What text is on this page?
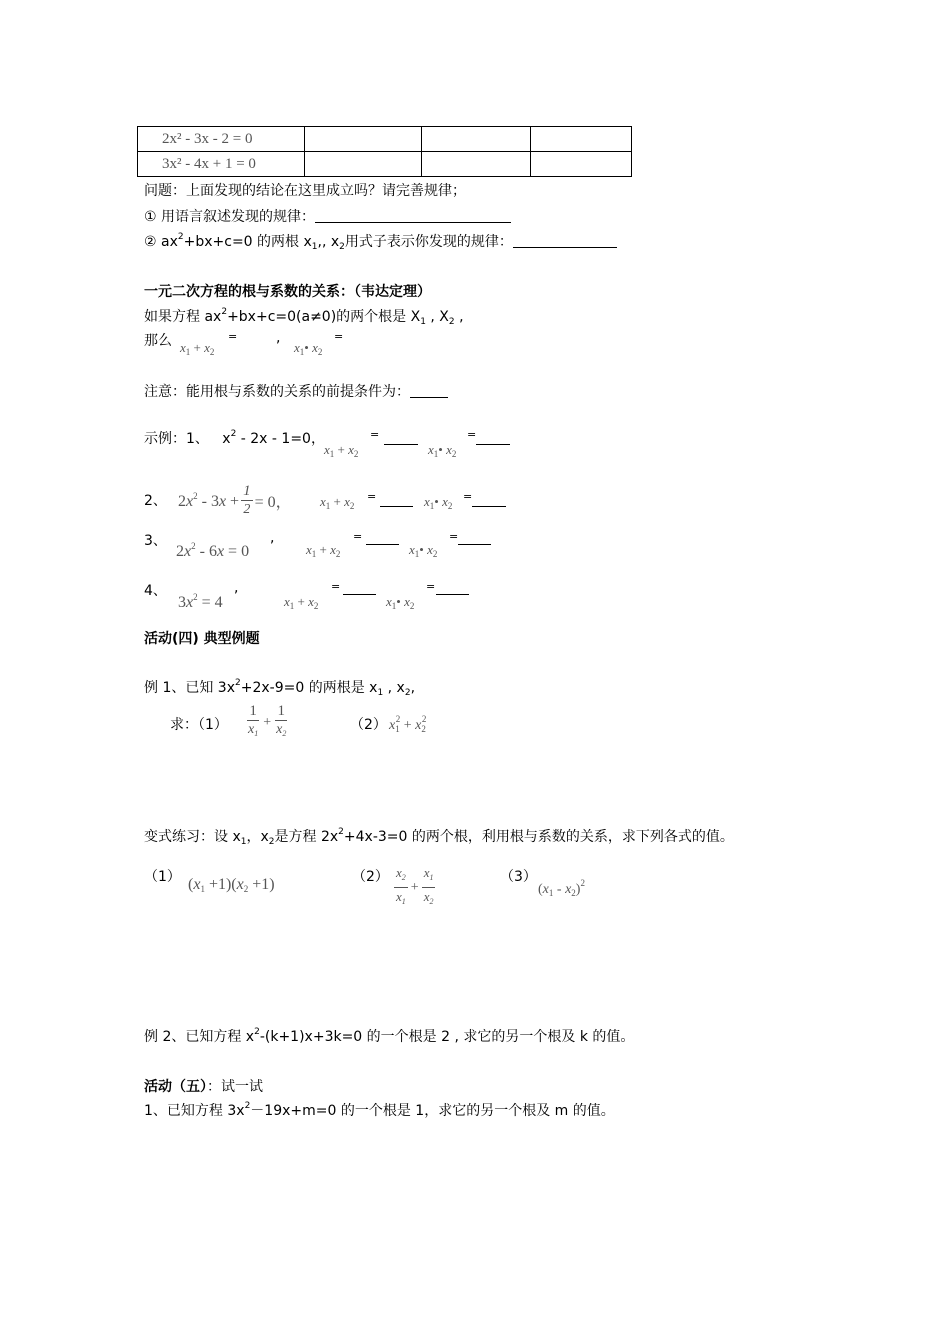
2x² - 3x - 2 = 0			
3x² - 4x + 1 = 0			
问题：上面发现的结论在这里成立吗？请完善规律；
① 用语言叙述发现的规律：
② $ax^2+bx+c=0$ 的两根 $x_1$,, $x_2$用式子表示你发现的规律：
一元二次方程的根与系数的关系：（韦达定理）
如果方程 $ax^2+bx+c=0(a\ne 0)$的两个根是 $X_1$ , $X_2$ ,
那么 $x_1 + x_2$
=	,
$x_1•$ $x_2$
=
注意：能用根与系数的关系的前提条件为：
示例：1、 $x^2 - 2x - 1=0$，
$x_1 + x_2$
=
$x_1•$ $x_2$
=
2、 $2x^2 - 3x + \frac{1}{2} = 0$， $x_1 + x_2$
=	$x_1•$ $x_2$
=
3、
$2x^2 - 6x = 0$
,
$x_1 + x_2$
=
$x_1•$ $x_2$
=
4、
$3x^2 = 4$
,
$x_1 + x_2$
=
$x_1•$ $x_2$
=
活动(四) 典型例题
例 1、已知 $3x^2+2x-9=0$ 的两根是 $x_1$ , $x_2$,
求：$(1) \frac{1}{x_1} + \frac{1}{x_2}$	（2） $x_1^2 + x_2^2$
变式练习：设 $x_1$，$x_2$是方程 $2x^2+4x-3=0$ 的两个根，利用根与系数的关系，求下列各式的值。
（1） $(x_1 +1)(x_2 +1)$	$(2) \frac{x_2}{x_1} + \frac{x_1}{x_2}$	（3）
$(x_1 - x_2)^2$
例 2、已知方程 $x^2-(k+1)x+3k=0$ 的一个根是 2 , 求它的另一个根及 k 的值。
活动（五）：试一试
1、已知方程 $3x^2-19x+m=0$ 的一个根是 1，求它的另一个根及 m 的值。
